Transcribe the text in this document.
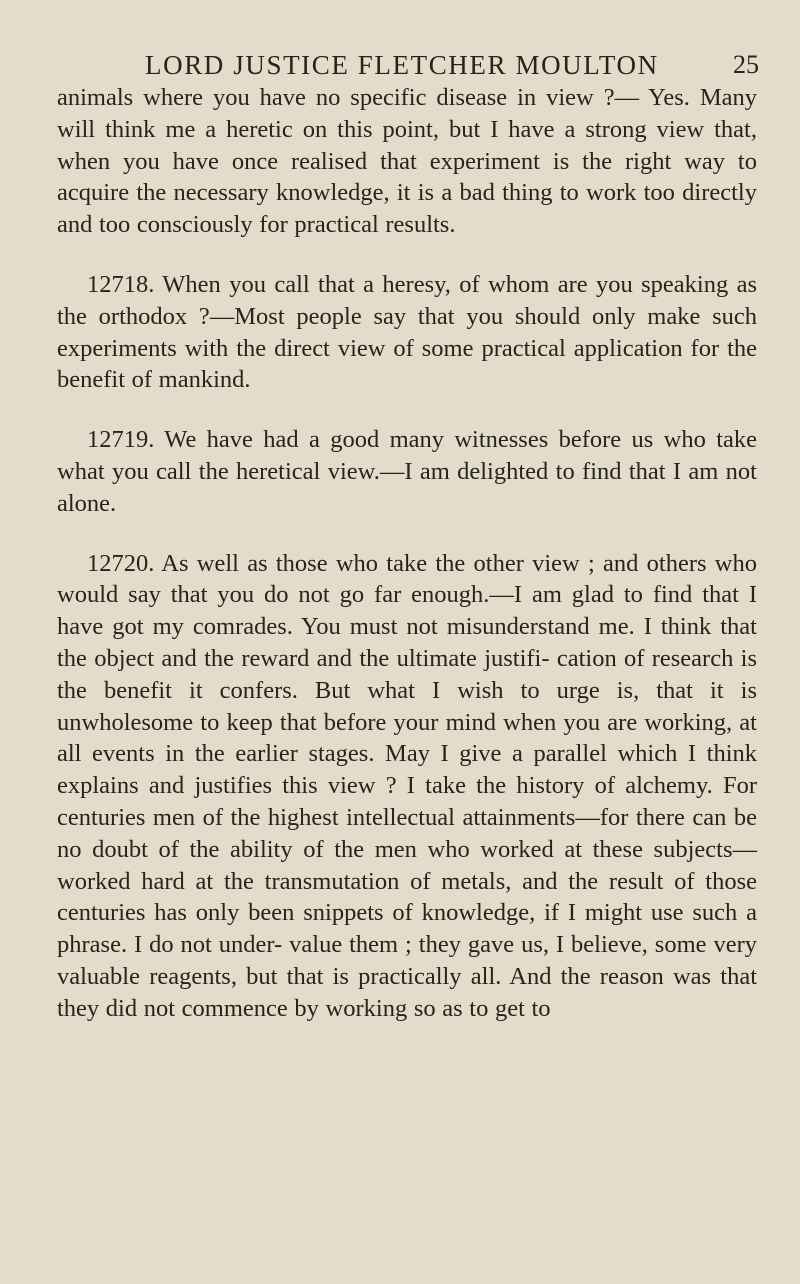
LORD JUSTICE FLETCHER MOULTON	25

animals where you have no specific disease in view ?— Yes. Many will think me a heretic on this point, but I have a strong view that, when you have once realised that experiment is the right way to acquire the necessary knowledge, it is a bad thing to work too directly and too consciously for practical results.

12718. When you call that a heresy, of whom are you speaking as the orthodox ?—Most people say that you should only make such experiments with the direct view of some practical application for the benefit of mankind.

12719. We have had a good many witnesses before us who take what you call the heretical view.—I am delighted to find that I am not alone.

12720. As well as those who take the other view ; and others who would say that you do not go far enough.—I am glad to find that I have got my comrades. You must not misunderstand me. I think that the object and the reward and the ultimate justifi- cation of research is the benefit it confers. But what I wish to urge is, that it is unwholesome to keep that before your mind when you are working, at all events in the earlier stages. May I give a parallel which I think explains and justifies this view ? I take the history of alchemy. For centuries men of the highest intellectual attainments—for there can be no doubt of the ability of the men who worked at these subjects— worked hard at the transmutation of metals, and the result of those centuries has only been snippets of knowledge, if I might use such a phrase. I do not under- value them ; they gave us, I believe, some very valuable reagents, but that is practically all. And the reason was that they did not commence by working so as to get to
